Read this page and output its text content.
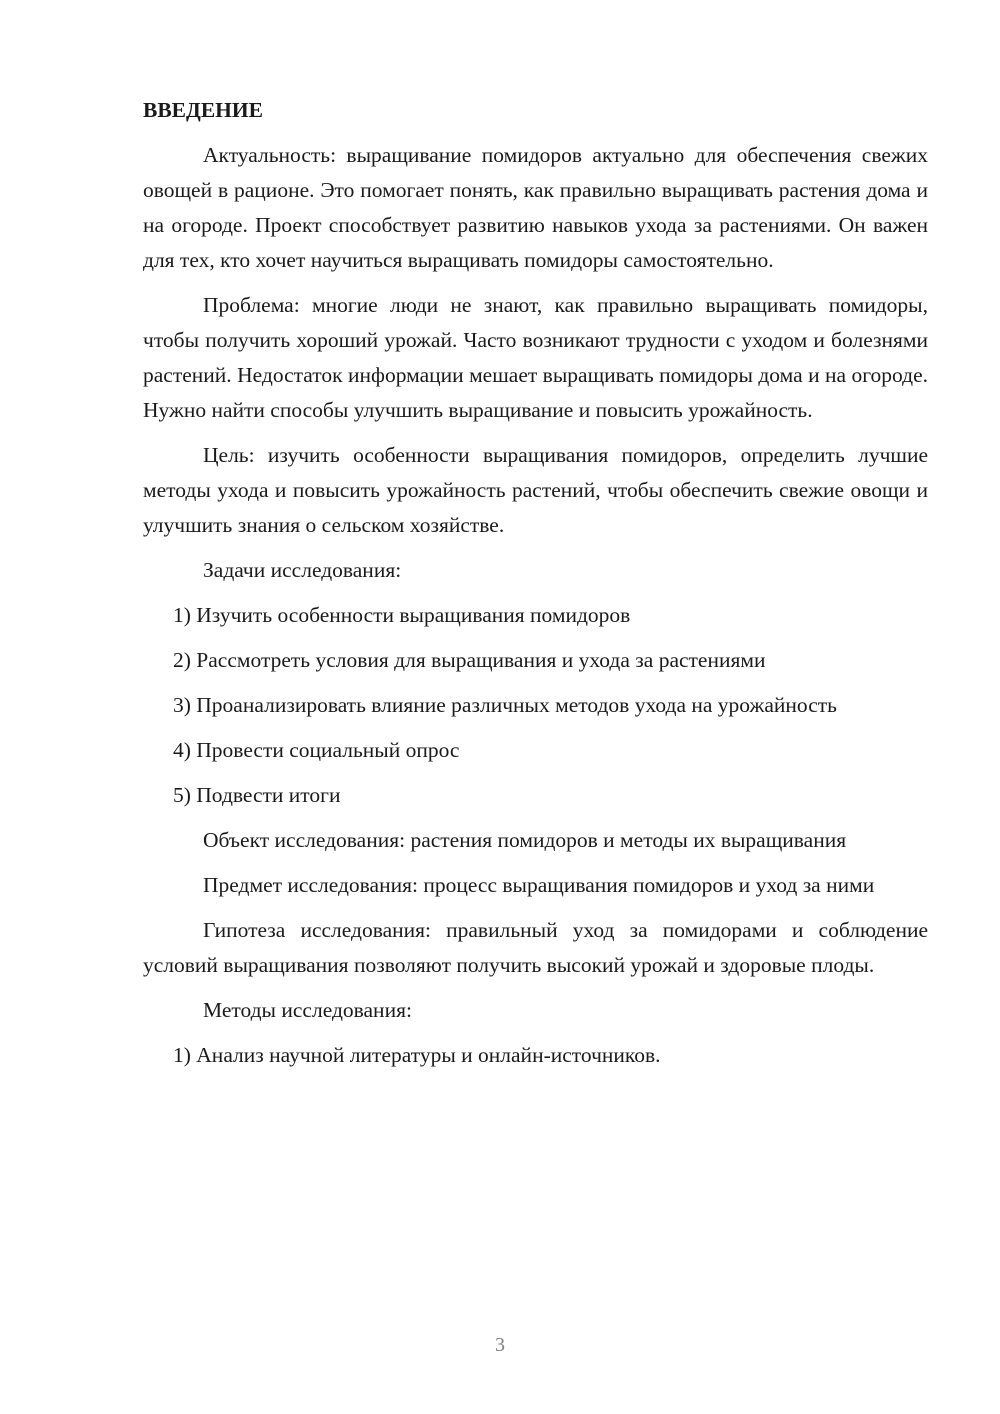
ВВЕДЕНИЕ

Актуальность: выращивание помидоров актуально для обеспечения свежих овощей в рационе. Это помогает понять, как правильно выращивать растения дома и на огороде. Проект способствует развитию навыков ухода за растениями. Он важен для тех, кто хочет научиться выращивать помидоры самостоятельно.

Проблема: многие люди не знают, как правильно выращивать помидоры, чтобы получить хороший урожай. Часто возникают трудности с уходом и болезнями растений. Недостаток информации мешает выращивать помидоры дома и на огороде. Нужно найти способы улучшить выращивание и повысить урожайность.

Цель: изучить особенности выращивания помидоров, определить лучшие методы ухода и повысить урожайность растений, чтобы обеспечить свежие овощи и улучшить знания о сельском хозяйстве.

Задачи исследования:

1) Изучить особенности выращивания помидоров

2) Рассмотреть условия для выращивания и ухода за растениями

3) Проанализировать влияние различных методов ухода на урожайность

4) Провести социальный опрос

5) Подвести итоги

Объект исследования: растения помидоров и методы их выращивания

Предмет исследования: процесс выращивания помидоров и уход за ними

Гипотеза исследования: правильный уход за помидорами и соблюдение условий выращивания позволяют получить высокий урожай и здоровые плоды.

Методы исследования:

1) Анализ научной литературы и онлайн-источников.

3
